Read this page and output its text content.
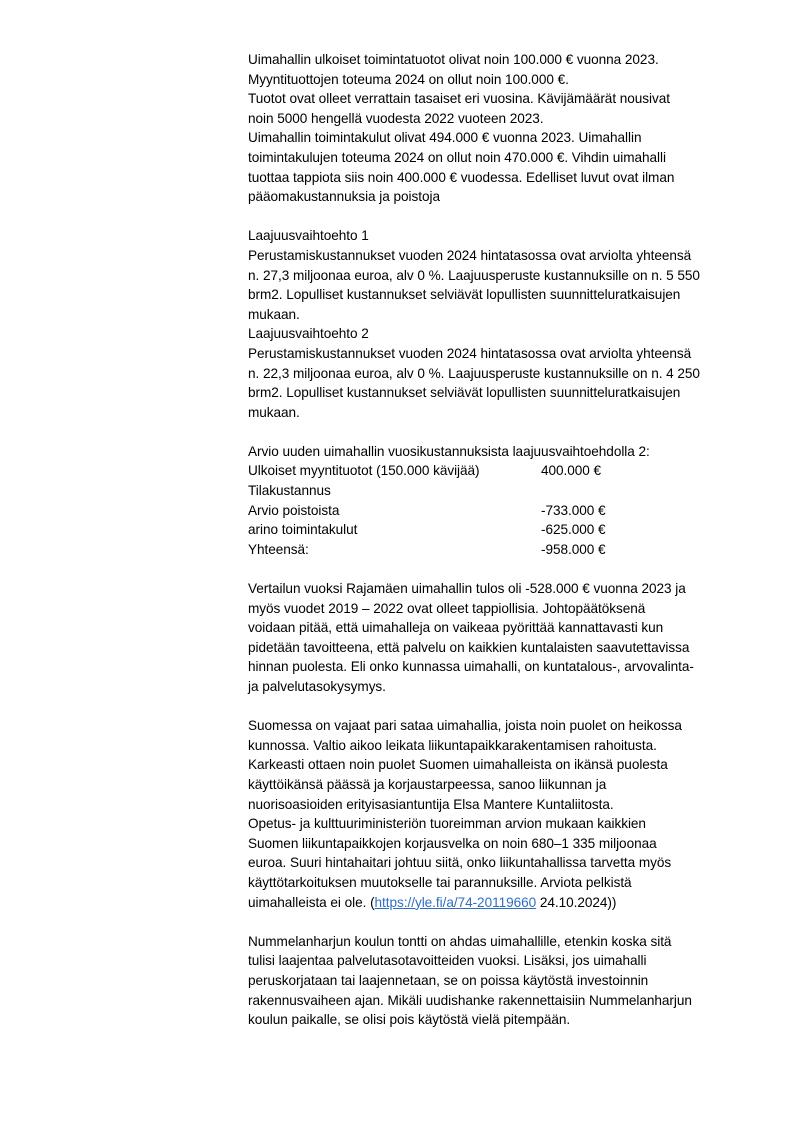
Uimahallin ulkoiset toimintatuotot olivat noin 100.000 € vuonna 2023.
Myyntituottojen toteuma 2024 on ollut noin 100.000 €.
Tuotot ovat olleet verrattain tasaiset eri vuosina. Kävijämäärät nousivat
noin 5000 hengellä vuodesta 2022 vuoteen 2023.
Uimahallin toimintakulut olivat 494.000 € vuonna 2023. Uimahallin
toimintakulujen toteuma 2024 on ollut noin 470.000 €. Vihdin uimahalli
tuottaa tappiota siis noin 400.000 € vuodessa. Edelliset luvut ovat ilman
pääomakustannuksia ja poistoja
Laajuusvaihtoehto 1
Perustamiskustannukset vuoden 2024 hintatasossa ovat arviolta yhteensä
n. 27,3 miljoonaa euroa, alv 0 %. Laajuusperuste kustannuksille on n. 5 550
brm2. Lopulliset kustannukset selviävät lopullisten suunnitteluratkaisujen
mukaan.
Laajuusvaihtoehto 2
Perustamiskustannukset vuoden 2024 hintatasossa ovat arviolta yhteensä
n. 22,3 miljoonaa euroa, alv 0 %. Laajuusperuste kustannuksille on n. 4 250
brm2. Lopulliset kustannukset selviävät lopullisten suunnitteluratkaisujen
mukaan.
Arvio uuden uimahallin vuosikustannuksista laajuusvaihtoehdolla 2:
Ulkoiset myyntituotot (150.000 kävijää)	400.000 €
Tilakustannus
Arvio poistoista	-733.000 €
arino toimintakulut	-625.000 €
Yhteensä:	-958.000 €
Vertailun vuoksi Rajamäen uimahallin tulos oli -528.000 € vuonna 2023 ja
myös vuodet 2019 – 2022 ovat olleet tappiollisia. Johtopäätöksenä
voidaan pitää, että uimahalleja on vaikeaa pyörittää kannattavasti kun
pidetään tavoitteena, että palvelu on kaikkien kuntalaisten saavutettavissa
hinnan puolesta. Eli onko kunnassa uimahalli, on kuntatalous-, arvovalinta-
ja palvelutasokysymys.
Suomessa on vajaat pari sataa uimahallia, joista noin puolet on heikossa
kunnossa. Valtio aikoo leikata liikuntapaikkarakentamisen rahoitusta.
Karkeasti ottaen noin puolet Suomen uimahalleista on ikänsä puolesta
käyttöikänsä päässä ja korjaustarpeessa, sanoo liikunnan ja
nuorisoasioiden erityisasiantuntija Elsa Mantere Kuntaliitosta.
Opetus- ja kulttuuriministeriön tuoreimman arvion mukaan kaikkien
Suomen liikuntapaikkojen korjausvelka on noin 680–1 335 miljoonaa
euroa. Suuri hintahaitari johtuu siitä, onko liikuntahallissa tarvetta myös
käyttötarkoituksen muutokselle tai parannuksille. Arviota pelkistä
uimahalleista ei ole. (https://yle.fi/a/74-20119660 24.10.2024))
Nummelanharjun koulun tontti on ahdas uimahallille, etenkin koska sitä
tulisi laajentaa palvelutasotavoitteiden vuoksi. Lisäksi, jos uimahalli
peruskorjataan tai laajennetaan, se on poissa käytöstä investoinnin
rakennusvaiheen ajan. Mikäli uudishanke rakennettaisiin Nummelanharjun
koulun paikalle, se olisi pois käytöstä vielä pitempään.
